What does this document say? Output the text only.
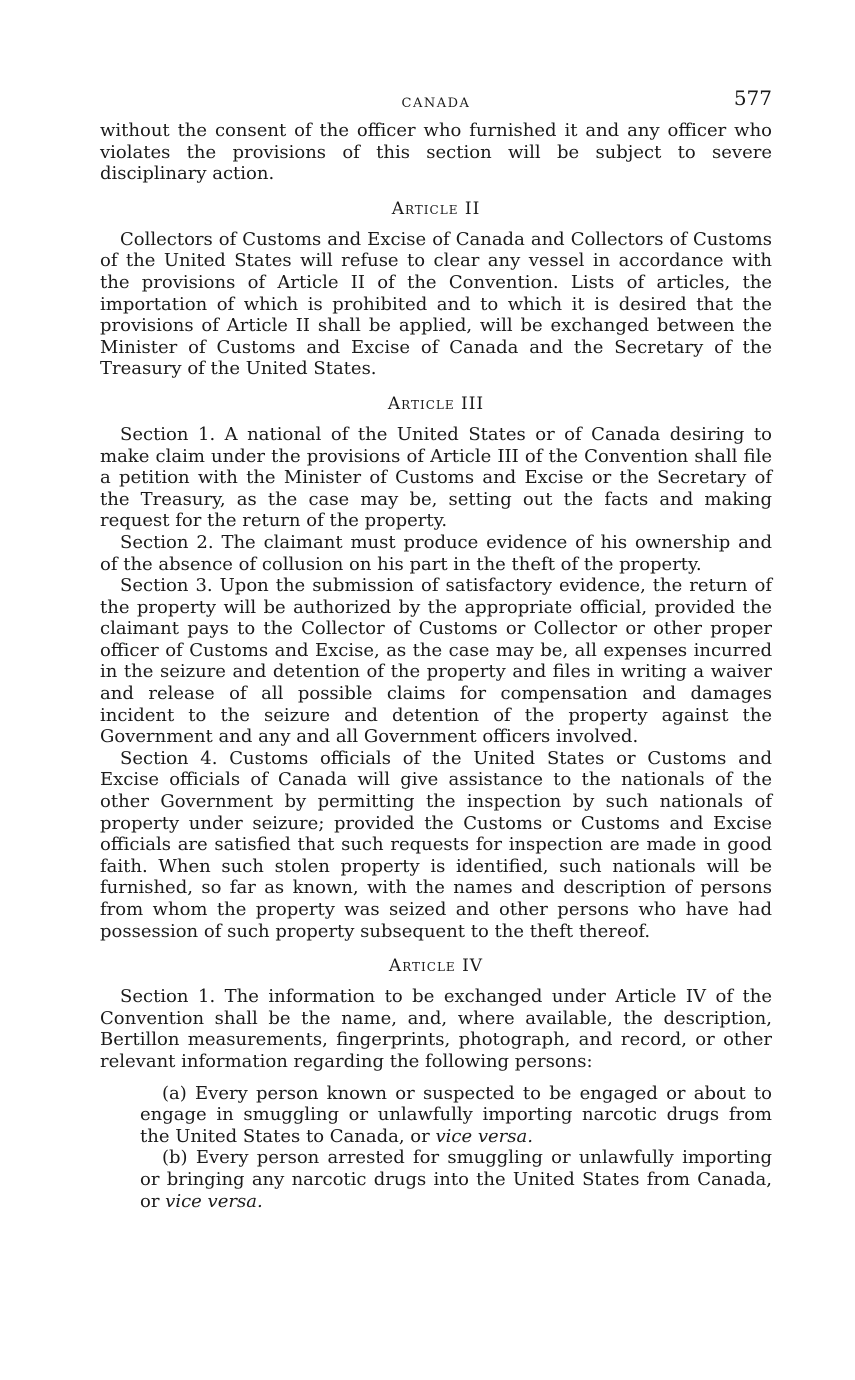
CANADA	577

without the consent of the officer who furnished it and any officer who violates the provisions of this section will be subject to severe disciplinary action.

Article II

Collectors of Customs and Excise of Canada and Collectors of Customs of the United States will refuse to clear any vessel in accordance with the provisions of Article II of the Convention. Lists of articles, the importation of which is prohibited and to which it is desired that the provisions of Article II shall be applied, will be exchanged between the Minister of Customs and Excise of Canada and the Secretary of the Treasury of the United States.

Article III

Section 1. A national of the United States or of Canada desiring to make claim under the provisions of Article III of the Convention shall file a petition with the Minister of Customs and Excise or the Secretary of the Treasury, as the case may be, setting out the facts and making request for the return of the property.

Section 2. The claimant must produce evidence of his ownership and of the absence of collusion on his part in the theft of the property.

Section 3. Upon the submission of satisfactory evidence, the return of the property will be authorized by the appropriate official, provided the claimant pays to the Collector of Customs or Collector or other proper officer of Customs and Excise, as the case may be, all expenses incurred in the seizure and detention of the property and files in writing a waiver and release of all possible claims for compensation and damages incident to the seizure and detention of the property against the Government and any and all Government officers involved.

Section 4. Customs officials of the United States or Customs and Excise officials of Canada will give assistance to the nationals of the other Government by permitting the inspection by such nationals of property under seizure; provided the Customs or Customs and Excise officials are satisfied that such requests for inspection are made in good faith. When such stolen property is identified, such nationals will be furnished, so far as known, with the names and description of persons from whom the property was seized and other persons who have had possession of such property subsequent to the theft thereof.

Article IV

Section 1. The information to be exchanged under Article IV of the Convention shall be the name, and, where available, the description, Bertillon measurements, fingerprints, photograph, and record, or other relevant information regarding the following persons:

(a) Every person known or suspected to be engaged or about to engage in smuggling or unlawfully importing narcotic drugs from the United States to Canada, or vice versa.

(b) Every person arrested for smuggling or unlawfully importing or bringing any narcotic drugs into the United States from Canada, or vice versa.
